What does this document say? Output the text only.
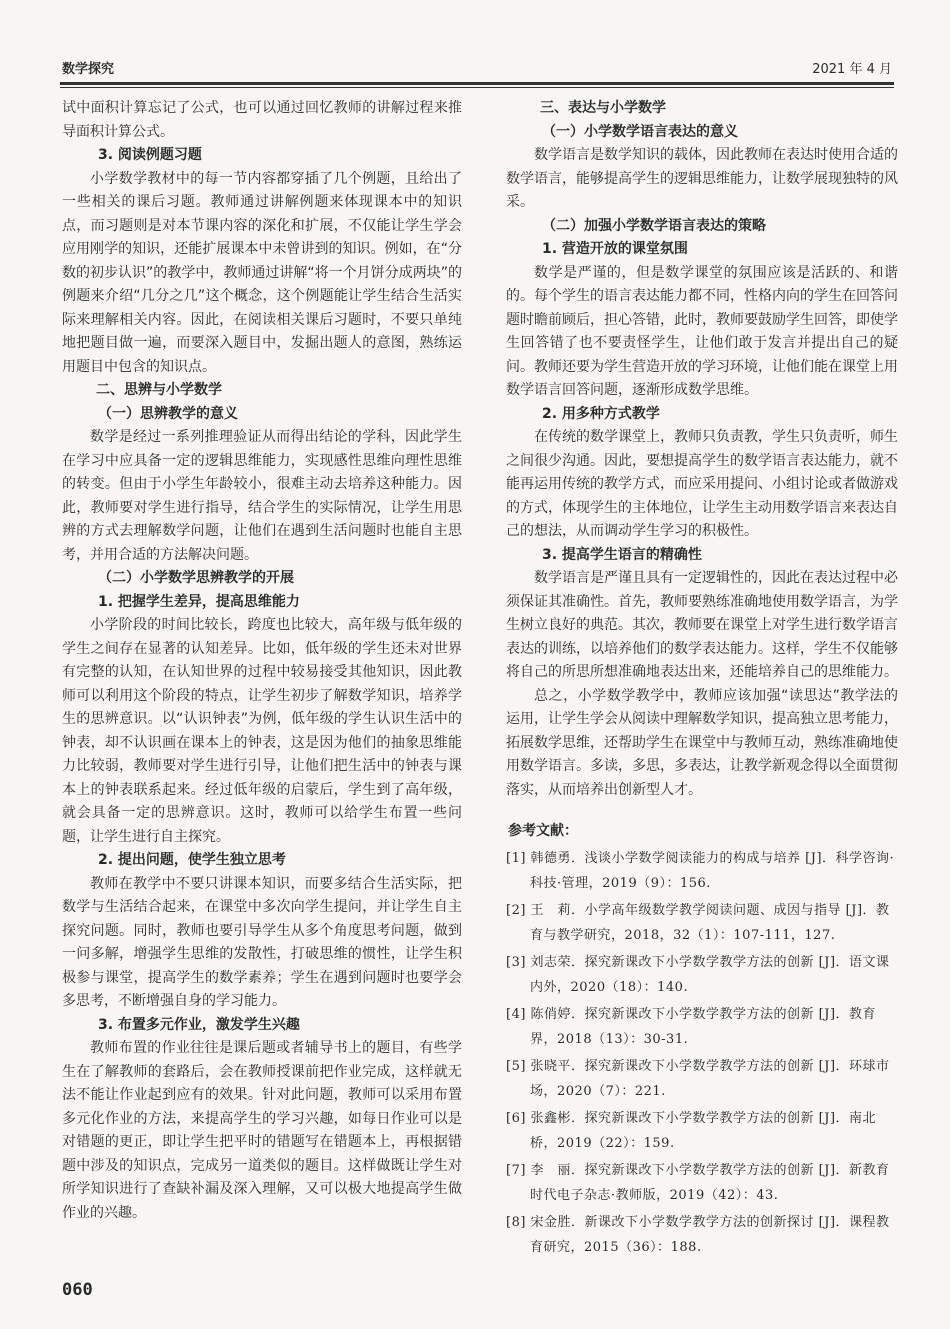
数学探究	2021 年 4 月

试中面积计算忘记了公式，也可以通过回忆教师的讲解过程来推导面积计算公式。

3. 阅读例题习题

小学数学教材中的每一节内容都穿插了几个例题，且给出了一些相关的课后习题。教师通过讲解例题来体现课本中的知识点，而习题则是对本节课内容的深化和扩展，不仅能让学生学会应用刚学的知识，还能扩展课本中未曾讲到的知识。例如，在“分数的初步认识”的教学中，教师通过讲解“将一个月饼分成两块”的例题来介绍“几分之几”这个概念，这个例题能让学生结合生活实际来理解相关内容。因此，在阅读相关课后习题时，不要只单纯地把题目做一遍，而要深入题目中，发掘出题人的意图，熟练运用题目中包含的知识点。

二、思辨与小学数学
（一）思辨教学的意义

数学是经过一系列推理验证从而得出结论的学科，因此学生在学习中应具备一定的逻辑思维能力，实现感性思维向理性思维的转变。但由于小学生年龄较小，很难主动去培养这种能力。因此，教师要对学生进行指导，结合学生的实际情况，让学生用思辨的方式去理解数学问题，让他们在遇到生活问题时也能自主思考，并用合适的方法解决问题。

（二）小学数学思辨教学的开展
1. 把握学生差异，提高思维能力

小学阶段的时间比较长，跨度也比较大，高年级与低年级的学生之间存在显著的认知差异。比如，低年级的学生还未对世界有完整的认知，在认知世界的过程中较易接受其他知识，因此教师可以利用这个阶段的特点，让学生初步了解数学知识，培养学生的思辨意识。以“认识钟表”为例，低年级的学生认识生活中的钟表，却不认识画在课本上的钟表，这是因为他们的抽象思维能力比较弱，教师要对学生进行引导，让他们把生活中的钟表与课本上的钟表联系起来。经过低年级的启蒙后，学生到了高年级，就会具备一定的思辨意识。这时，教师可以给学生布置一些问题，让学生进行自主探究。

2. 提出问题，使学生独立思考

教师在教学中不要只讲课本知识，而要多结合生活实际，把数学与生活结合起来，在课堂中多次向学生提问，并让学生自主探究问题。同时，教师也要引导学生从多个角度思考问题，做到一问多解，增强学生思维的发散性，打破思维的惯性，让学生积极参与课堂，提高学生的数学素养；学生在遇到问题时也要学会多思考，不断增强自身的学习能力。

3. 布置多元作业，激发学生兴趣

教师布置的作业往往是课后题或者辅导书上的题目，有些学生在了解教师的套路后，会在教师授课前把作业完成，这样就无法不能让作业起到应有的效果。针对此问题，教师可以采用布置多元化作业的方法，来提高学生的学习兴趣，如每日作业可以是对错题的更正，即让学生把平时的错题写在错题本上，再根据错题中涉及的知识点，完成另一道类似的题目。这样做既让学生对所学知识进行了查缺补漏及深入理解，又可以极大地提高学生做作业的兴趣。

三、表达与小学数学
（一）小学数学语言表达的意义

数学语言是数学知识的载体，因此教师在表达时使用合适的数学语言，能够提高学生的逻辑思维能力，让数学展现独特的风采。

（二）加强小学数学语言表达的策略
1. 营造开放的课堂氛围

数学是严谨的，但是数学课堂的氛围应该是活跃的、和谐的。每个学生的语言表达能力都不同，性格内向的学生在回答问题时瞻前顾后，担心答错，此时，教师要鼓励学生回答，即使学生回答错了也不要责怪学生，让他们敢于发言并提出自己的疑问。教师还要为学生营造开放的学习环境，让他们能在课堂上用数学语言回答问题，逐渐形成数学思维。

2. 用多种方式教学

在传统的数学课堂上，教师只负责教，学生只负责听，师生之间很少沟通。因此，要想提高学生的数学语言表达能力，就不能再运用传统的教学方式，而应采用提问、小组讨论或者做游戏的方式，体现学生的主体地位，让学生主动用数学语言来表达自己的想法，从而调动学生学习的积极性。

3. 提高学生语言的精确性

数学语言是严谨且具有一定逻辑性的，因此在表达过程中必须保证其准确性。首先，教师要熟练准确地使用数学语言，为学生树立良好的典范。其次，教师要在课堂上对学生进行数学语言表达的训练，以培养他们的数学表达能力。这样，学生不仅能够将自己的所思所想准确地表达出来，还能培养自己的思维能力。

总之，小学数学教学中，教师应该加强“读思达”教学法的运用，让学生学会从阅读中理解数学知识，提高独立思考能力，拓展数学思维，还帮助学生在课堂中与教师互动，熟练准确地使用数学语言。多读，多思，多表达，让教学新观念得以全面贯彻落实，从而培养出创新型人才。

参考文献：
[1] 韩德勇．浅谈小学数学阅读能力的构成与培养 [J]．科学咨询·科技·管理，2019（9）：156.
[2] 王　莉．小学高年级数学教学阅读问题、成因与指导 [J]．教育与教学研究，2018，32（1）：107-111，127.
[3] 刘志荣．探究新课改下小学数学教学方法的创新 [J]．语文课内外，2020（18）：140.
[4] 陈俏婷．探究新课改下小学数学教学方法的创新 [J]．教育界，2018（13）：30-31.
[5] 张晓平．探究新课改下小学数学教学方法的创新 [J]．环球市场，2020（7）：221.
[6] 张鑫彬．探究新课改下小学数学教学方法的创新 [J]．南北桥，2019（22）：159.
[7] 李　丽．探究新课改下小学数学教学方法的创新 [J]．新教育时代电子杂志·教师版，2019（42）：43.
[8] 宋金胜．新课改下小学数学教学方法的创新探讨 [J]．课程教育研究，2015（36）：188.
060
